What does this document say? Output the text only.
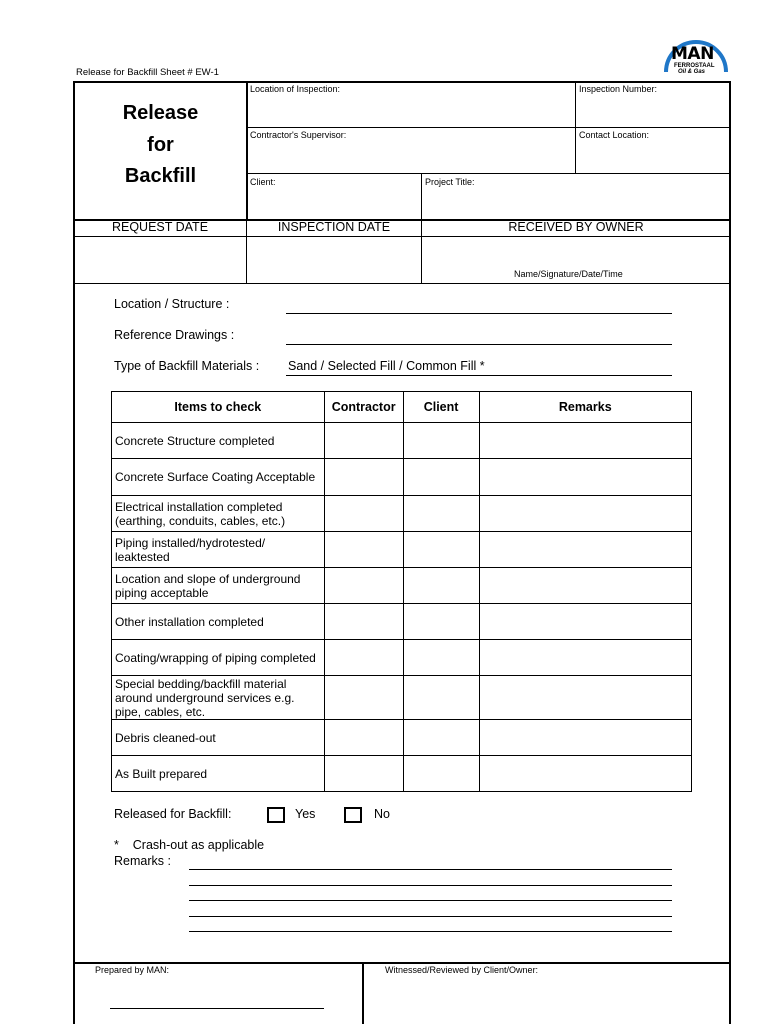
MAN
FERROSTAAL
Oil & Gas
Release for Backfill Sheet # EW-1
Release
for
Backfill
Location of Inspection:	Inspection Number:
Contractor's Supervisor:	Contact Location:
Client:	Project Title:
REQUEST DATE	INSPECTION DATE	RECEIVED BY OWNER
Name/Signature/Date/Time
Location / Structure :
Reference Drawings :
Type of Backfill Materials : Sand / Selected Fill / Common Fill *
Items to check	Contractor	Client	Remarks
Concrete Structure completed			
Concrete Surface Coating Acceptable			
Electrical installation completed (earthing, conduits, cables, etc.)			
Piping installed/hydrotested/ leaktested			
Location and slope of underground piping acceptable			
Other installation completed			
Coating/wrapping of piping completed			
Special bedding/backfill material around underground services e.g. pipe, cables, etc.			
Debris cleaned-out			
As Built prepared			
Released for Backfill:	Yes	No
*    Crash-out as applicable
Remarks :
Prepared by MAN:	Witnessed/Reviewed by Client/Owner:
